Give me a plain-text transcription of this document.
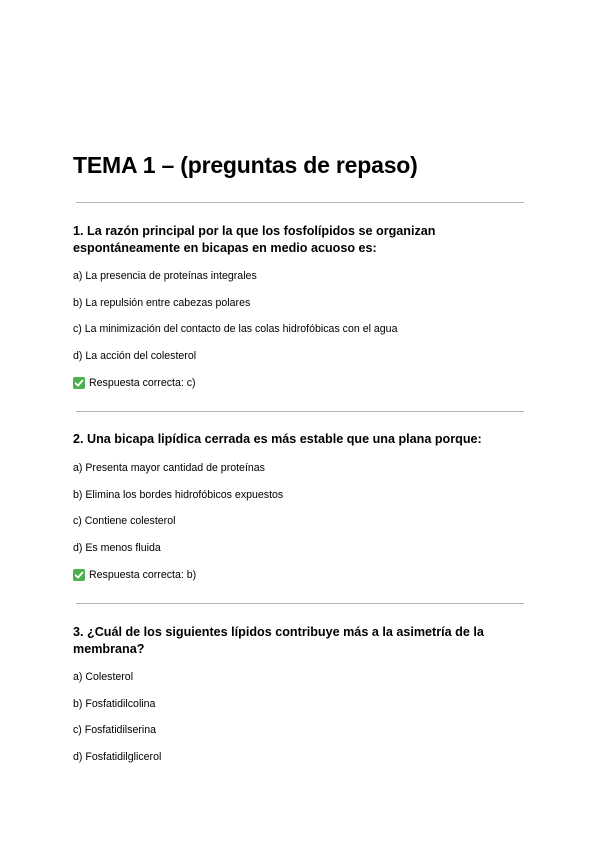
TEMA 1 – (preguntas de repaso)

1. La razón principal por la que los fosfolípidos se organizan espontáneamente en bicapas en medio acuoso es:

a) La presencia de proteínas integrales

b) La repulsión entre cabezas polares

c) La minimización del contacto de las colas hidrofóbicas con el agua

d) La acción del colesterol

Respuesta correcta: c)

2. Una bicapa lipídica cerrada es más estable que una plana porque:

a) Presenta mayor cantidad de proteínas

b) Elimina los bordes hidrofóbicos expuestos

c) Contiene colesterol

d) Es menos fluida

Respuesta correcta: b)

3. ¿Cuál de los siguientes lípidos contribuye más a la asimetría de la membrana?

a) Colesterol

b) Fosfatidilcolina

c) Fosfatidilserina

d) Fosfatidilglicerol
